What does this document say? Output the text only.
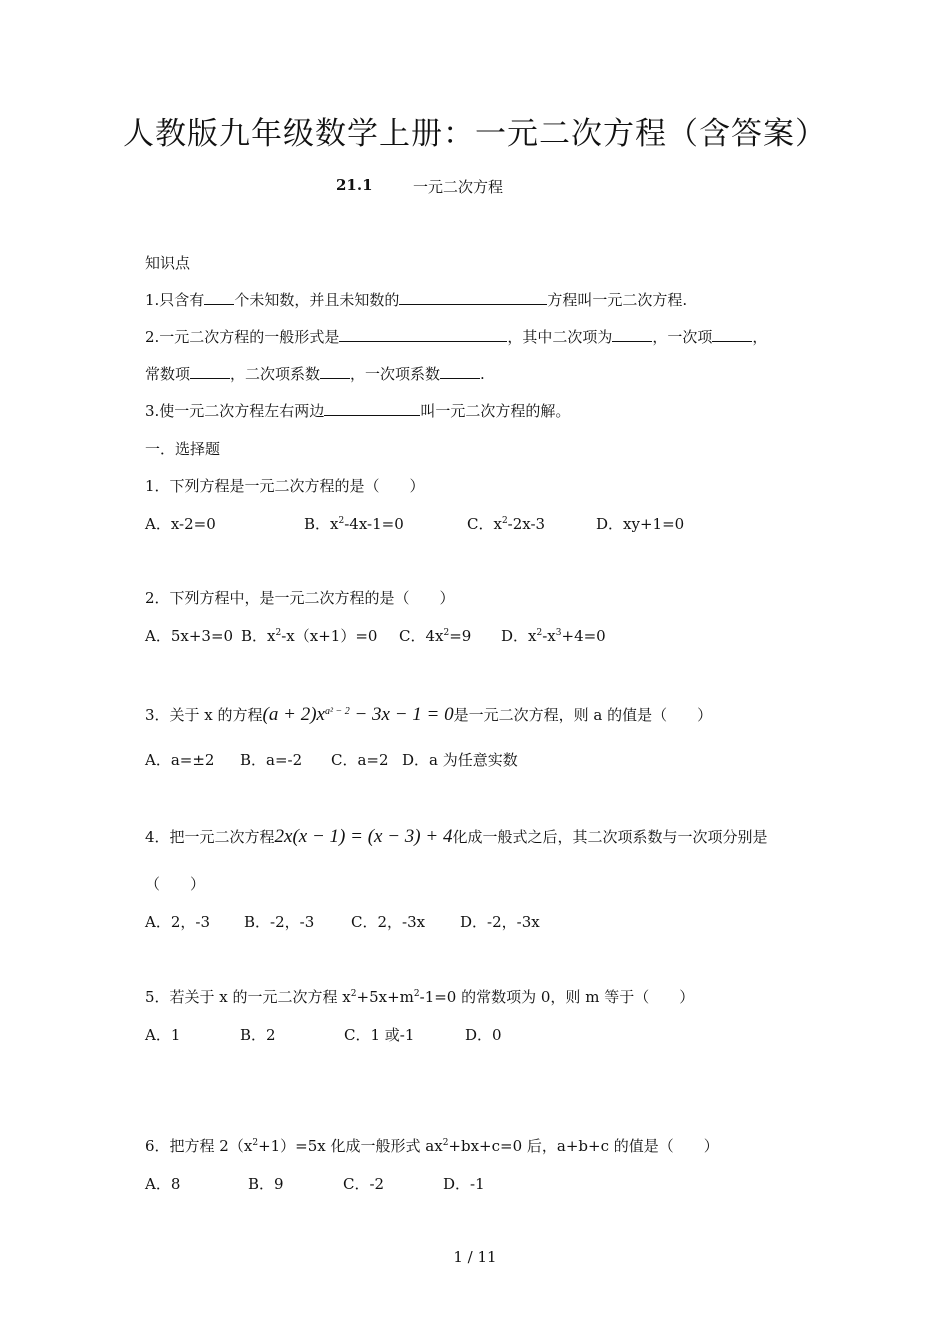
人教版九年级数学上册：一元二次方程（含答案）
21.1	一元二次方程
知识点
1.只含有 个未知数，并且未知数的	方程叫一元二次方程.
2.一元二次方程的一般形式是	，其中二次项为	，一次项	，
常数项	，二次项系数 ，一次项系数	.
3.使一元二次方程左右两边	叫一元二次方程的解。
一．选择题
1．下列方程是一元二次方程的是（　　）
A．x-2=0	B．$x^2-4x-1=0$	C．$x^2-2x-3$	D．xy+1=0
2．下列方程中，是一元二次方程的是（　　）
A．5x+3=0 B．$x^2-x(x+1)=0$ C．$4x^2=9$ D．$x^2-x^3+4=0$
3．关于 x 的方程$(a + 2)x^{a^2 - 2} - 3x - 1 = 0$是一元二次方程，则 a 的值是（　　）
A．a=±2 B．a=-2 C．a=2 D．a 为任意实数
4．把一元二次方程2x(x − 1) = (x − 3) + 4化成一般式之后，其二次项系数与一次项分别是
（　　）
A．2，-3 B．-2，-3 C．2，-3x D．-2，-3x
5．若关于 x 的一元二次方程 $x^2+5x+m^2-1=0$ 的常数项为 0，则 m 等于（　　）
A．1	B．2	C．1 或-1	D．0
6．把方程 $2(x^2+1)=5x$ 化成一般形式 $ax^2+bx+c=0$ 后，a+b+c 的值是（　　）
A．8	B．9	C．-2	D．-1
1 / 11
